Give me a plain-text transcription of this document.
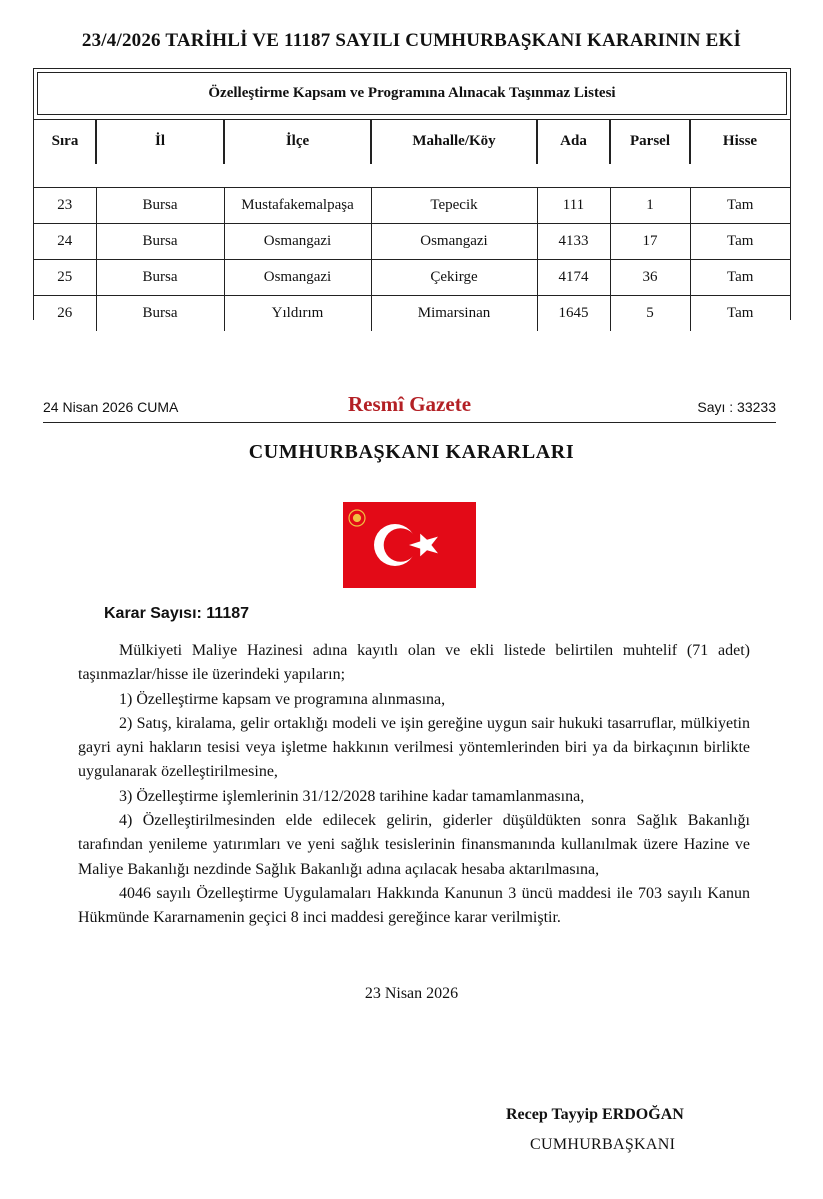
23/4/2026 TARİHLİ VE 11187 SAYILI CUMHURBAŞKANI KARARININ EKİ
Özelleştirme Kapsam ve Programına Alınacak Taşınmaz Listesi
Sıra	İl	İlçe	Mahalle/Köy	Ada	Parsel	Hisse
23	Bursa	Mustafakemalpaşa	Tepecik	111	1	Tam
24	Bursa	Osmangazi	Osmangazi	4133	17	Tam
25	Bursa	Osmangazi	Çekirge	4174	36	Tam
26	Bursa	Yıldırım	Mimarsinan	1645	5	Tam
24 Nisan 2026 CUMA	Resmî Gazete	Sayı : 33233
CUMHURBAŞKANI KARARLARI
Karar Sayısı: 11187

Mülkiyeti Maliye Hazinesi adına kayıtlı olan ve ekli listede belirtilen muhtelif (71 adet) taşınmazlar/hisse ile üzerindeki yapıların;

1) Özelleştirme kapsam ve programına alınmasına,

2) Satış, kiralama, gelir ortaklığı modeli ve işin gereğine uygun sair hukuki tasarruflar, mülkiyetin gayri ayni hakların tesisi veya işletme hakkının verilmesi yöntemlerinden biri ya da birkaçının birlikte uygulanarak özelleştirilmesine,

3) Özelleştirme işlemlerinin 31/12/2028 tarihine kadar tamamlanmasına,

4) Özelleştirilmesinden elde edilecek gelirin, giderler düşüldükten sonra Sağlık Bakanlığı tarafından yenileme yatırımları ve yeni sağlık tesislerinin finansmanında kullanılmak üzere Hazine ve Maliye Bakanlığı nezdinde Sağlık Bakanlığı adına açılacak hesaba aktarılmasına,

4046 sayılı Özelleştirme Uygulamaları Hakkında Kanunun 3 üncü maddesi ile 703 sayılı Kanun Hükmünde Kararnamenin geçici 8 inci maddesi gereğince karar verilmiştir.

23 Nisan 2026
Recep Tayyip ERDOĞAN
CUMHURBAŞKANI
